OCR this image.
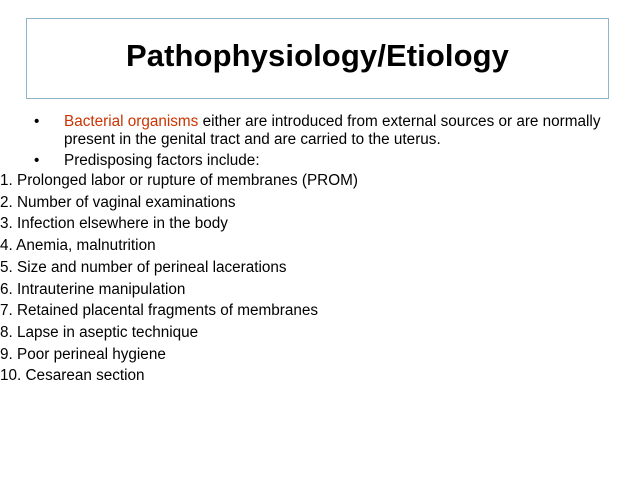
Pathophysiology/Etiology

• Bacterial organisms either are introduced from external sources or are normally present in the genital tract and are carried to the uterus.

• Predisposing factors include:

1. Prolonged labor or rupture of membranes (PROM)
2. Number of vaginal examinations
3. Infection elsewhere in the body
4. Anemia, malnutrition
5. Size and number of perineal lacerations
6. Intrauterine manipulation
7. Retained placental fragments of membranes
8. Lapse in aseptic technique
9. Poor perineal hygiene
10. Cesarean section
